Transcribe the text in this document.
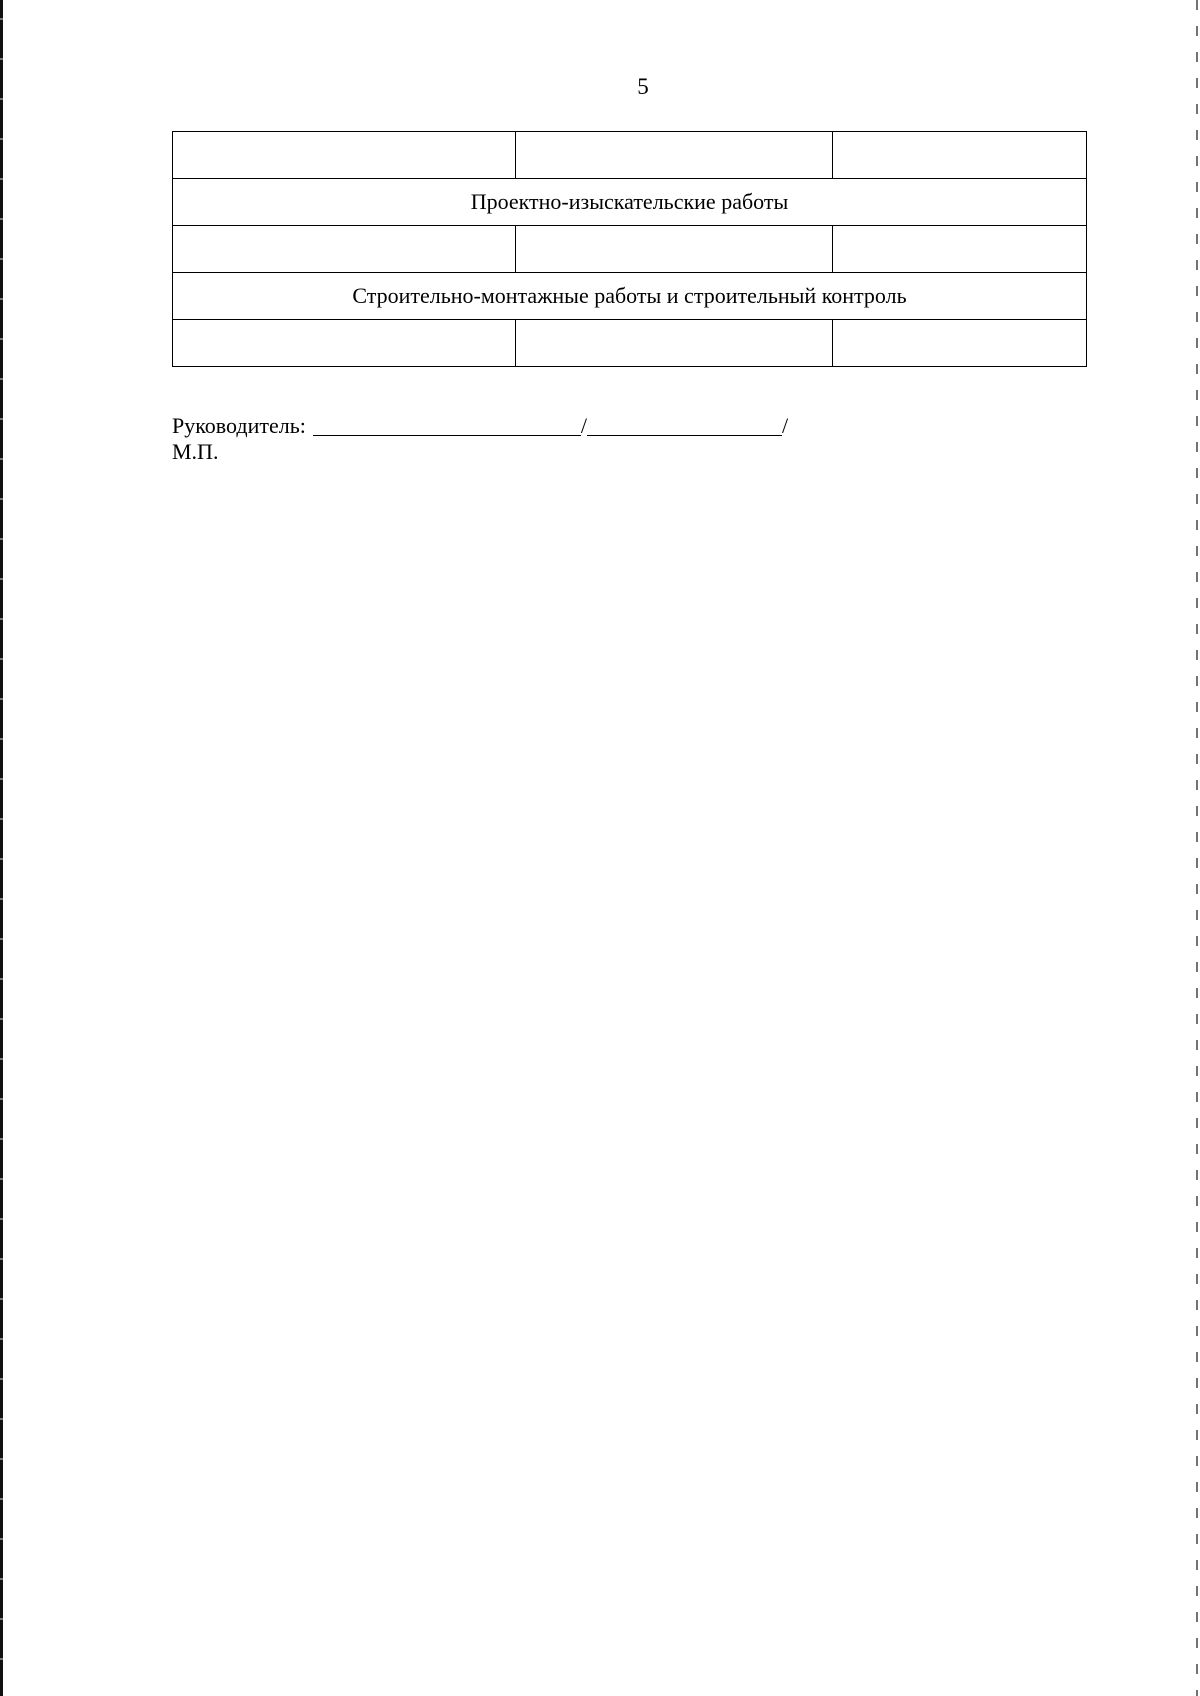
5

Проектно-изыскательские работы		

Строительно-монтажные работы и строительный контроль		

Руководитель:	/	/
М.П.
